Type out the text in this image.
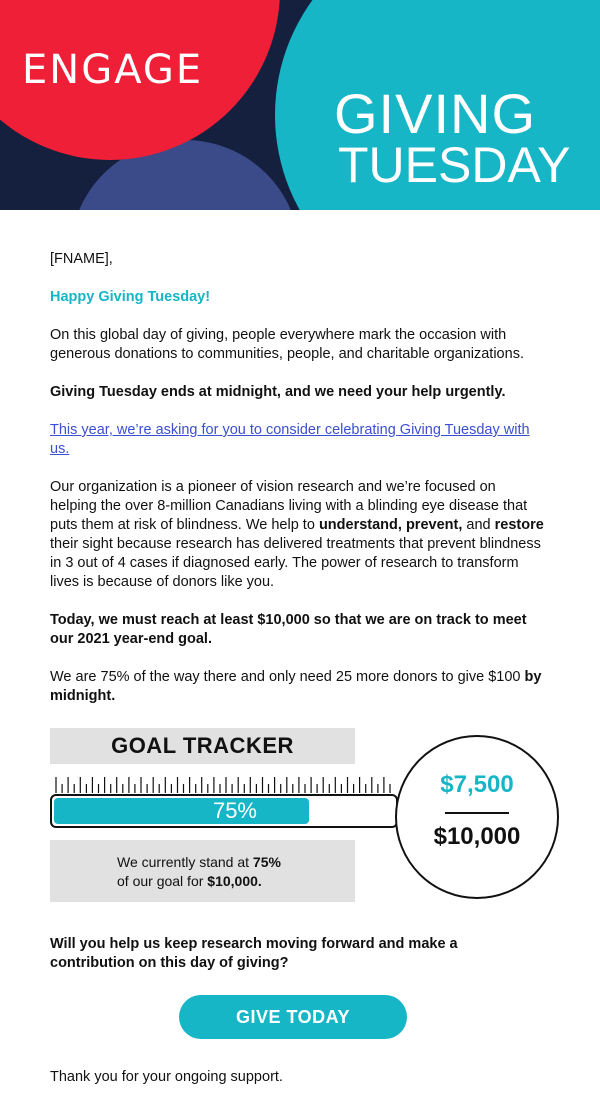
ENGAGE
GIVING
TUESDAY

[FNAME],

Happy Giving Tuesday!

On this global day of giving, people everywhere mark the occasion with generous donations to communities, people, and charitable organizations.

Giving Tuesday ends at midnight, and we need your help urgently.

This year, we’re asking for you to consider celebrating Giving Tuesday with us.

Our organization is a pioneer of vision research and we’re focused on helping the over 8-million Canadians living with a blinding eye disease that puts them at risk of blindness. We help to understand, prevent, and restore their sight because research has delivered treatments that prevent blindness in 3 out of 4 cases if diagnosed early. The power of research to transform lives is because of donors like you.

Today, we must reach at least $10,000 so that we are on track to meet our 2021 year-end goal.

We are 75% of the way there and only need 25 more donors to give $100 by midnight.

GOAL TRACKER
75%
We currently stand at 75%
of our goal for $10,000.
$7,500
$10,000

Will you help us keep research moving forward and make a contribution on this day of giving?

GIVE TODAY

Thank you for your ongoing support.
